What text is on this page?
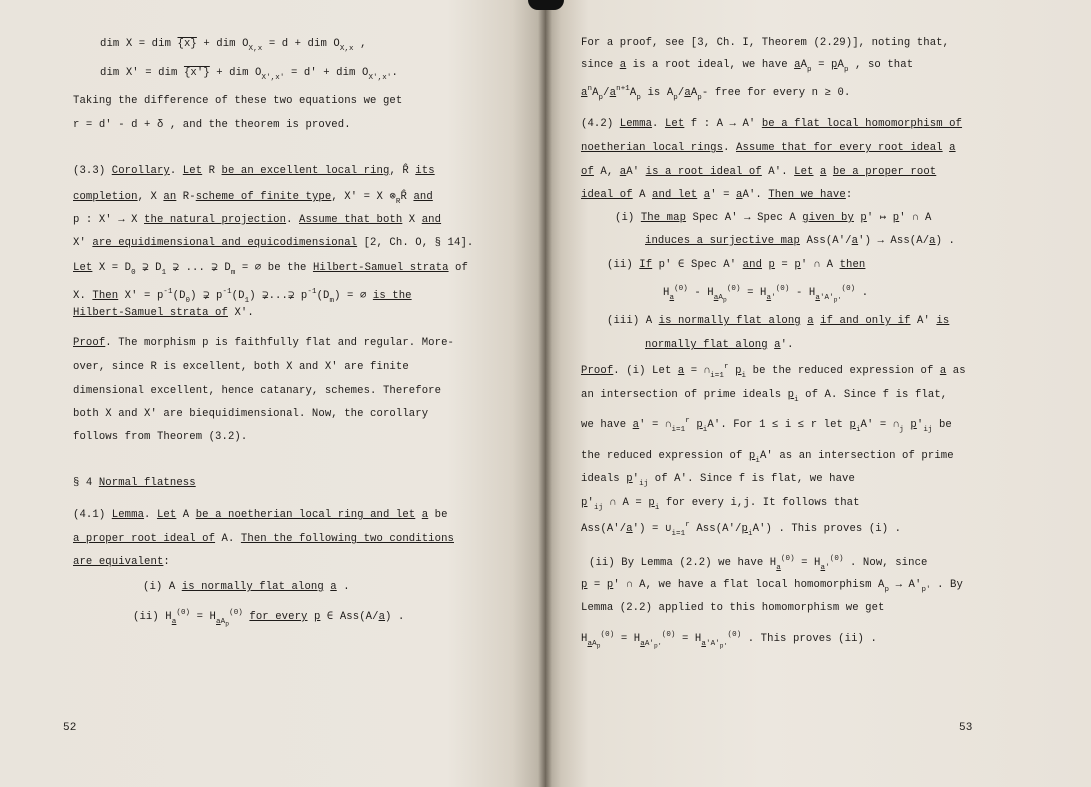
dim X = dim {x} + dim $O_{X,x} = d$ + dim $O_{X,x}$ ,
dim X' = dim {x'} + dim $O_{X',x'} = d'$ + dim $O_{X',x'}$.
Taking the difference of these two equations we get
r = d' - d + δ , and the theorem is proved.
(3.3) Corollary. Let R be an excellent local ring, R̂ its
completion, X an R-scheme of finite type, X' = X $\otimes_RR̂$ and
p : X' → X the natural projection. Assume that both X and
X' are equidimensional and equicodimensional [2, Ch. O, § 14].
Let $X = D_0$ ⊋ $D_1$ ⊋ ... ⊋ $D_m$ = ∅ be the Hilbert-Samuel strata of
X. Then $X' = p^{-1}(D_0)$ ⊋ $p^{-1}(D_1)$ ⊋...⊋ $p^{-1}(D_m)$ = ∅ is the
Hilbert-Samuel strata of X'.
Proof. The morphism p is faithfully flat and regular. More-
over, since R is excellent, both X and X' are finite
dimensional excellent, hence catanary, schemes. Therefore
both X and X' are biequidimensional. Now, the corollary
follows from Theorem (3.2).
§ 4 Normal flatness
(4.1) Lemma. Let A be a noetherian local ring and let a be
a proper root ideal of A. Then the following two conditions
are equivalent:
(i) A is normally flat along a .
(ii) $H_a^{(0)} = H_{aA_p}^{(0)}$ for every p ∈ Ass(A/a) .
52
For a proof, see [3, Ch. I, Theorem (2.29)], noting that,
since a is a root ideal, we have $aA_p = pA_p$ , so that
$a^nA_p/a^{n+1}A_p$ is $A_p/aA_p-$ free for every n ≥ 0.
(4.2) Lemma. Let f : A → A' be a flat local homomorphism of
noetherian local rings. Assume that for every root ideal a
of A, aA' is a root ideal of A'. Let a be a proper root
ideal of A and let a' = aA'. Then we have:
(i) The map Spec A' → Spec A given by p' ↦ p' ∩ A
induces a surjective map Ass(A'/a') → Ass(A/a) .
(ii) If p' ∈ Spec A' and p = p' ∩ A then
$H_a^{(0)} - H_{aA_p}^{(0)} = H_{a'}^{(0)} - H_{a'A'_{p'}}^{(0)}$ .
(iii) A is normally flat along a if and only if A' is
normally flat along a'.
Proof. (i) Let $a = \cap_{i=1}^r$ $p_i$ be the reduced expression of a as
an intersection of prime ideals $p_i$ of A. Since f is flat,
we have $a' = \cap_{i=1}^r$ $p_iA'$. For 1 ≤ i ≤ r let $p_iA'$ = $\cap_j$ $p'_{ij}$ be
the reduced expression of $p_iA'$ as an intersection of prime
ideals $p'_{ij}$ of A'. Since f is flat, we have
$p'_{ij}$ ∩ $A = p_i$ for every i,j. It follows that
$Ass(A'/a') = \cup_{i=1}^r$ $Ass(A'/p_iA')$ . This proves (i) .
(ii) By Lemma (2.2) we have $H_a^{(0)} = H_{a'}^{(0)}$ . Now, since
p = p' ∩ A, we have a flat local homomorphism $A_p \to A'_{p'}$ . By
Lemma (2.2) applied to this homomorphism we get
$H_{aA_p}^{(0)} = H_{aA'_{p'}}^{(0)} = H_{a'A'_{p'}}^{(0)}$ . This proves (ii) .
53
